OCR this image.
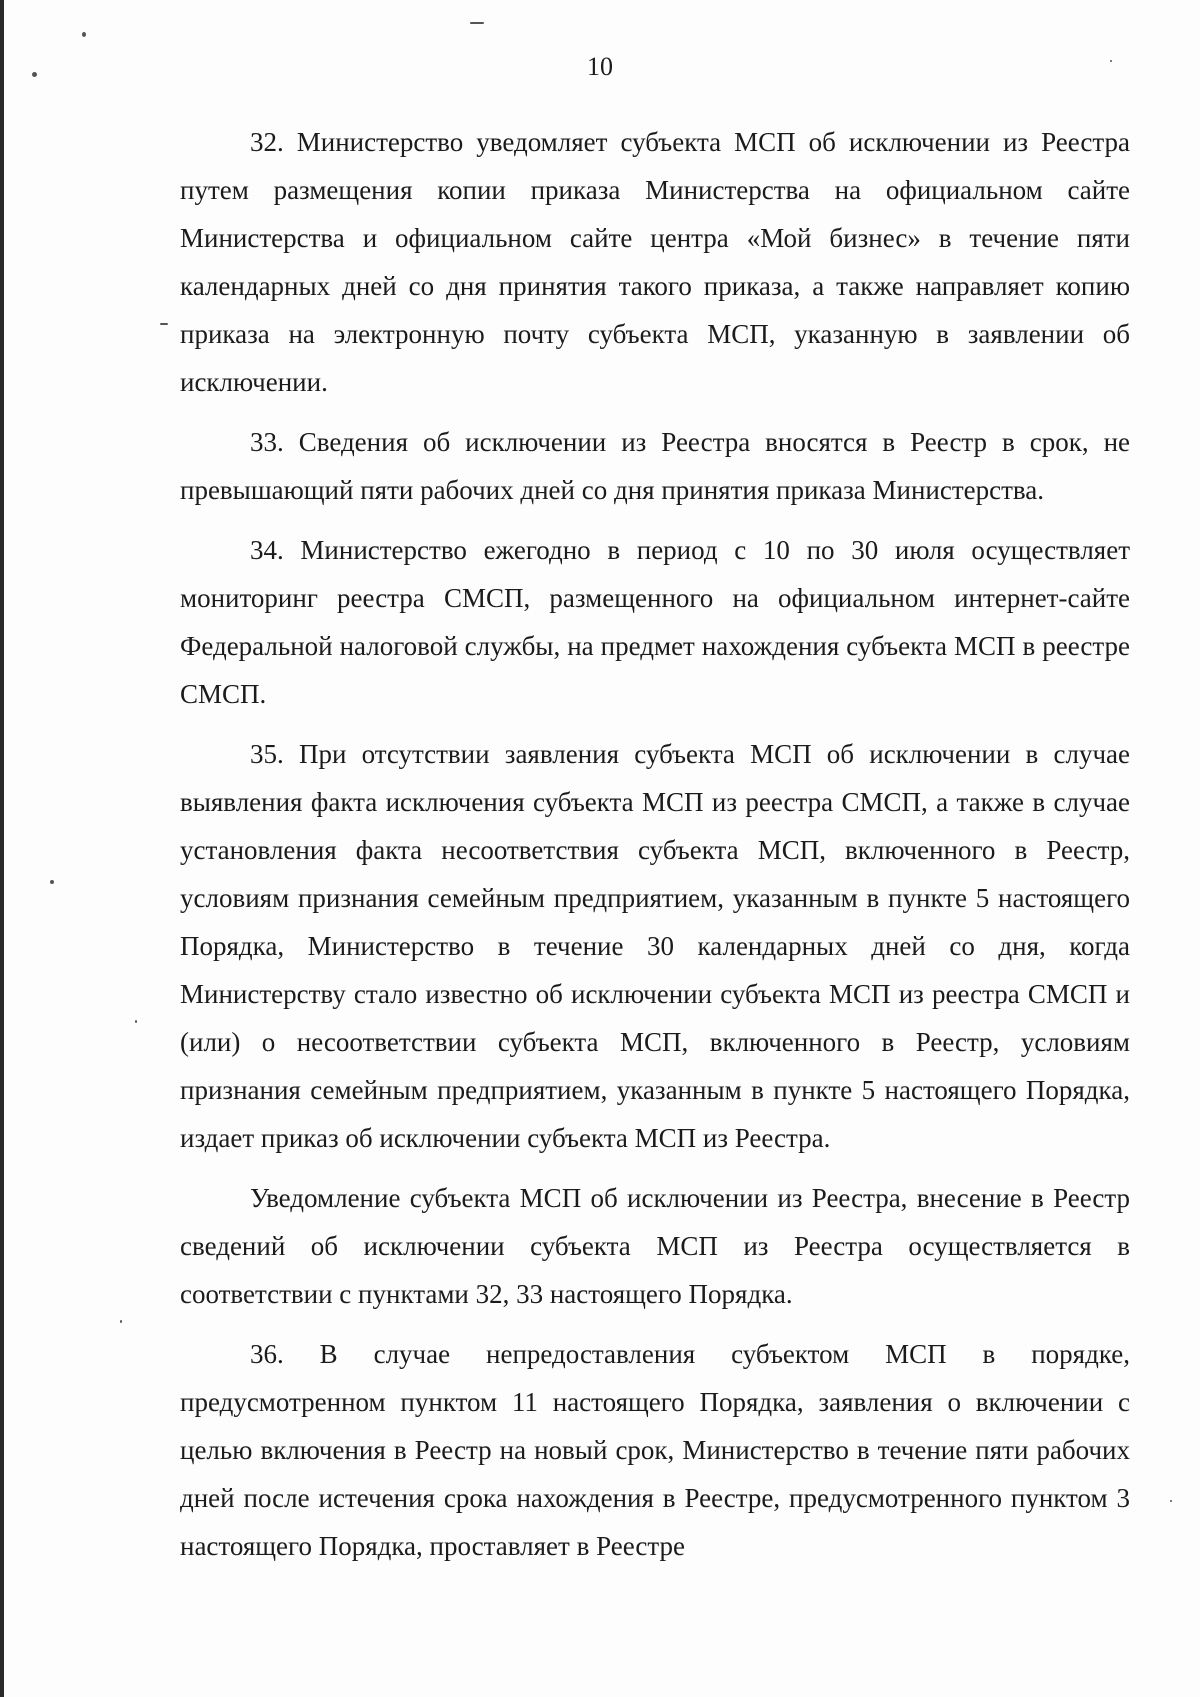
10

32. Министерство уведомляет субъекта МСП об исключении из Реестра путем размещения копии приказа Министерства на официальном сайте Министерства и официальном сайте центра «Мой бизнес» в течение пяти календарных дней со дня принятия такого приказа, а также направляет копию приказа на электронную почту субъекта МСП, указанную в заявлении об исключении.

33. Сведения об исключении из Реестра вносятся в Реестр в срок, не превышающий пяти рабочих дней со дня принятия приказа Министерства.

34. Министерство ежегодно в период с 10 по 30 июля осуществляет мониторинг реестра СМСП, размещенного на официальном интернет-сайте Федеральной налоговой службы, на предмет нахождения субъекта МСП в реестре СМСП.

35. При отсутствии заявления субъекта МСП об исключении в случае выявления факта исключения субъекта МСП из реестра СМСП, а также в случае установления факта несоответствия субъекта МСП, включенного в Реестр, условиям признания семейным предприятием, указанным в пункте 5 настоящего Порядка, Министерство в течение 30 календарных дней со дня, когда Министерству стало известно об исключении субъекта МСП из реестра СМСП и (или) о несоответствии субъекта МСП, включенного в Реестр, условиям признания семейным предприятием, указанным в пункте 5 настоящего Порядка, издает приказ об исключении субъекта МСП из Реестра.

Уведомление субъекта МСП об исключении из Реестра, внесение в Реестр сведений об исключении субъекта МСП из Реестра осуществляется в соответствии с пунктами 32, 33 настоящего Порядка.

36. В случае непредоставления субъектом МСП в порядке, предусмотренном пунктом 11 настоящего Порядка, заявления о включении с целью включения в Реестр на новый срок, Министерство в течение пяти рабочих дней после истечения срока нахождения в Реестре, предусмотренного пунктом 3 настоящего Порядка, проставляет в Реестре
